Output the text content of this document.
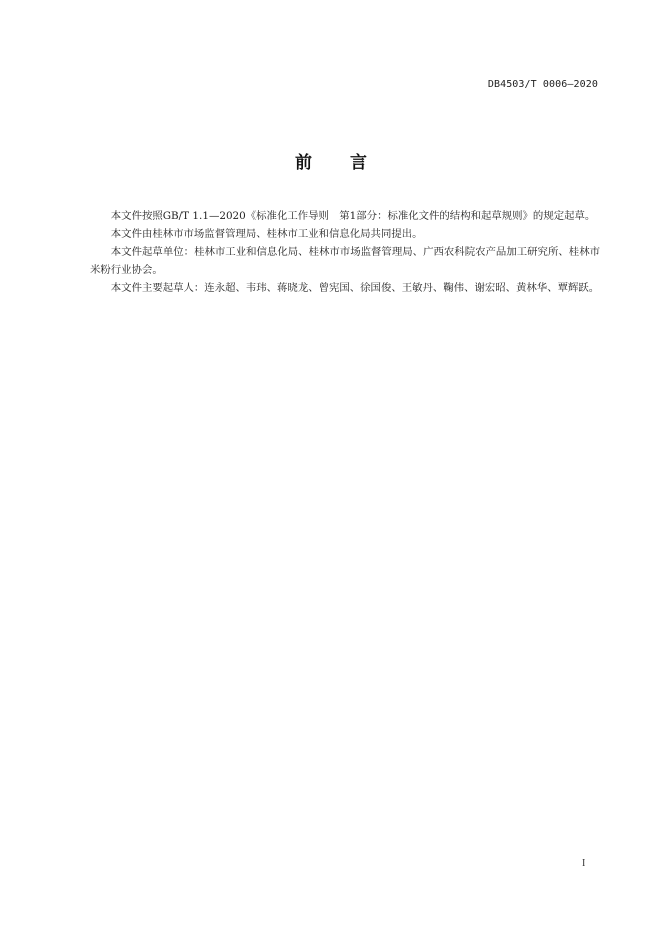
DB4503/T 0006—2020
前 言

本文件按照GB/T 1.1—2020《标准化工作导则　第1部分：标准化文件的结构和起草规则》的规定起草。

本文件由桂林市市场监督管理局、桂林市工业和信息化局共同提出。

本文件起草单位：桂林市工业和信息化局、桂林市市场监督管理局、广西农科院农产品加工研究所、桂林市米粉行业协会。

本文件主要起草人：连永超、韦玮、蒋晓龙、曾宪国、徐国俊、王敏丹、鞠伟、谢宏昭、黄林华、覃辉跃。

I
